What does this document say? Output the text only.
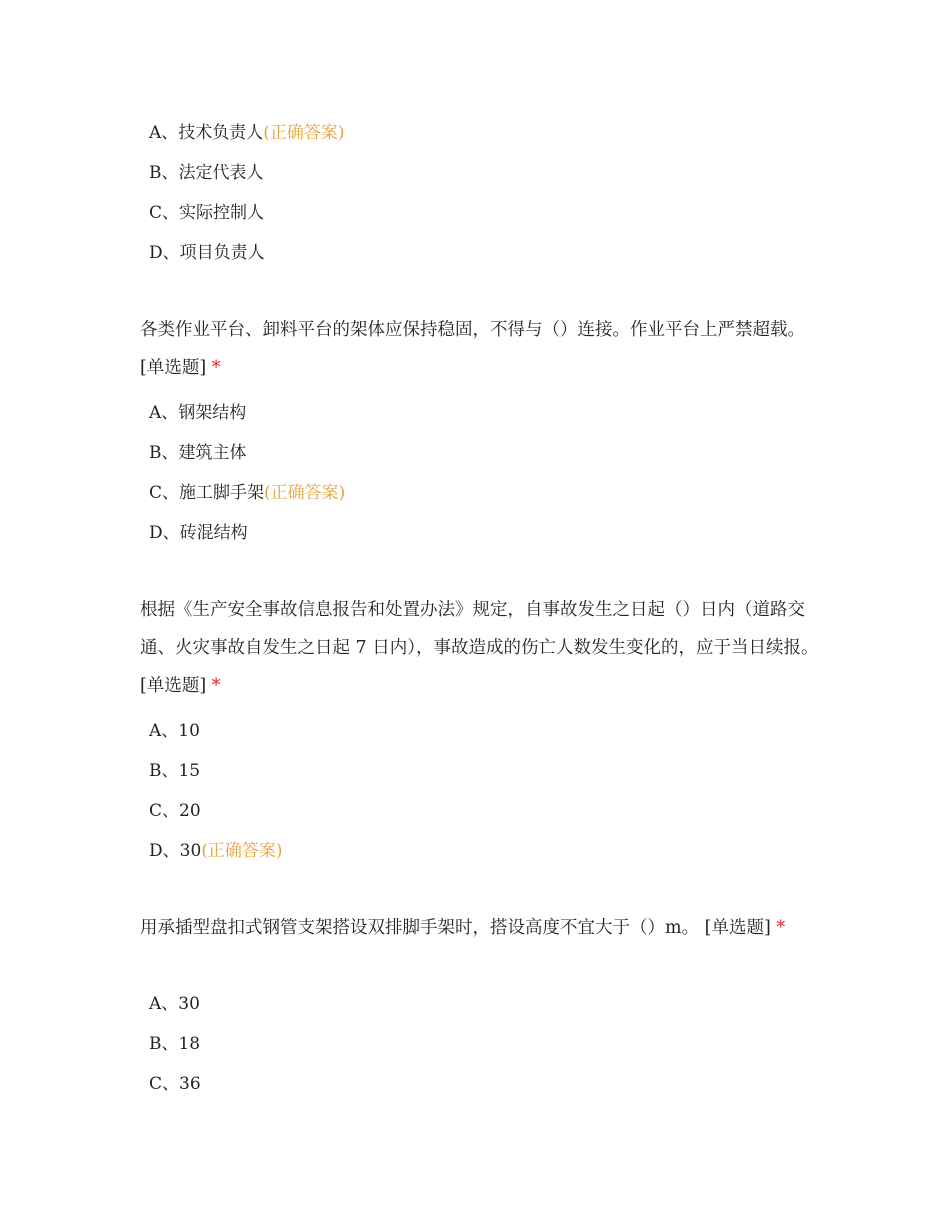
A、技术负责人(正确答案)
B、法定代表人
C、实际控制人
D、项目负责人
各类作业平台、卸料平台的架体应保持稳固，不得与（）连接。作业平台上严禁超载。 [单选题] *
A、钢架结构
B、建筑主体
C、施工脚手架(正确答案)
D、砖混结构
根据《生产安全事故信息报告和处置办法》规定，自事故发生之日起（）日内（道路交通、火灾事故自发生之日起 7 日内），事故造成的伤亡人数发生变化的，应于当日续报。 [单选题] *
A、10
B、15
C、20
D、30(正确答案)
用承插型盘扣式钢管支架搭设双排脚手架时，搭设高度不宜大于（）m。 [单选题] *
A、30
B、18
C、36
